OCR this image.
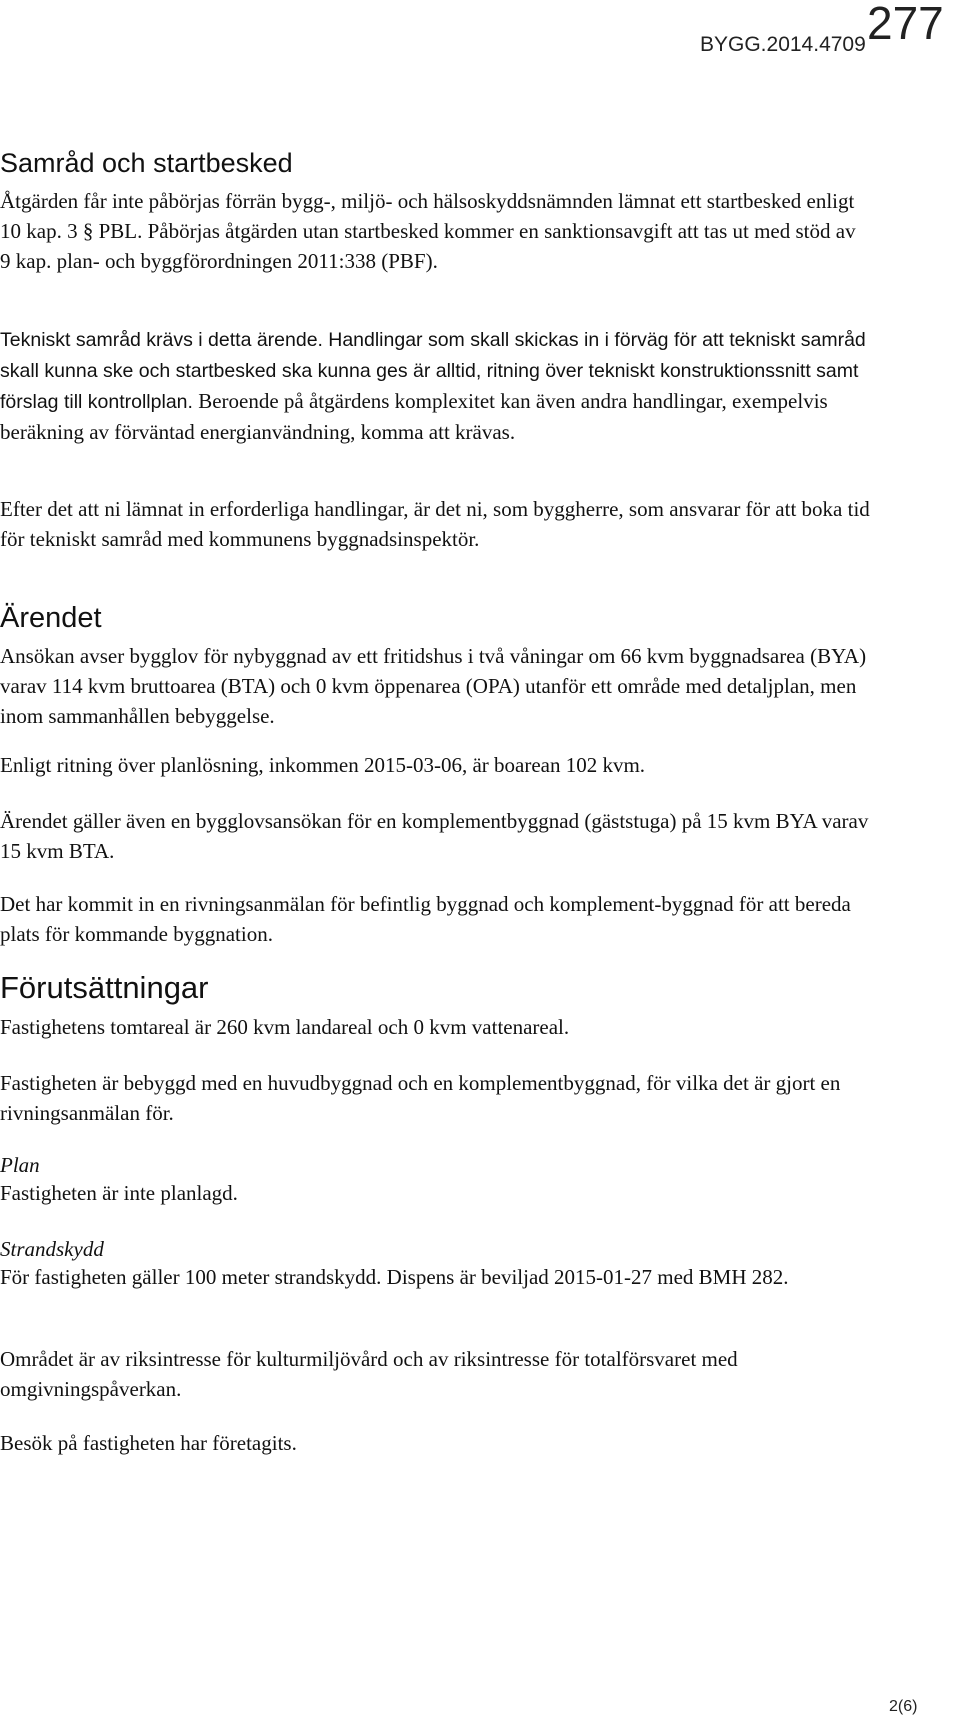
BYGG.2014.4709 277
Samråd och startbesked

Åtgärden får inte påbörjas förrän bygg-, miljö- och hälsoskyddsnämnden lämnat ett startbesked enligt 10 kap. 3 § PBL. Påbörjas åtgärden utan startbesked kommer en sanktionsavgift att tas ut med stöd av 9 kap. plan- och byggförordningen 2011:338 (PBF).

Tekniskt samråd krävs i detta ärende. Handlingar som skall skickas in i förväg för att tekniskt samråd skall kunna ske och startbesked ska kunna ges är alltid, ritning över tekniskt konstruktionssnitt samt förslag till kontrollplan. Beroende på åtgärdens komplexitet kan även andra handlingar, exempelvis beräkning av förväntad energianvändning, komma att krävas.

Efter det att ni lämnat in erforderliga handlingar, är det ni, som byggherre, som ansvarar för att boka tid för tekniskt samråd med kommunens byggnadsinspektör.

Ärendet

Ansökan avser bygglov för nybyggnad av ett fritidshus i två våningar om 66 kvm byggnadsarea (BYA) varav 114 kvm bruttoarea (BTA) och 0 kvm öppenarea (OPA) utanför ett område med detaljplan, men inom sammanhållen bebyggelse.

Enligt ritning över planlösning, inkommen 2015-03-06, är boarean 102 kvm.

Ärendet gäller även en bygglovsansökan för en komplementbyggnad (gäststuga) på 15 kvm BYA varav 15 kvm BTA.

Det har kommit in en rivningsanmälan för befintlig byggnad och komplement-byggnad för att bereda plats för kommande byggnation.

Förutsättningar

Fastighetens tomtareal är 260 kvm landareal och 0 kvm vattenareal.

Fastigheten är bebyggd med en huvudbyggnad och en komplementbyggnad, för vilka det är gjort en rivningsanmälan för.

Plan

Fastigheten är inte planlagd.

Strandskydd

För fastigheten gäller 100 meter strandskydd. Dispens är beviljad 2015-01-27 med BMH 282.

Området är av riksintresse för kulturmiljövård och av riksintresse för totalförsvaret med omgivningspåverkan.

Besök på fastigheten har företagits.

2(6)
